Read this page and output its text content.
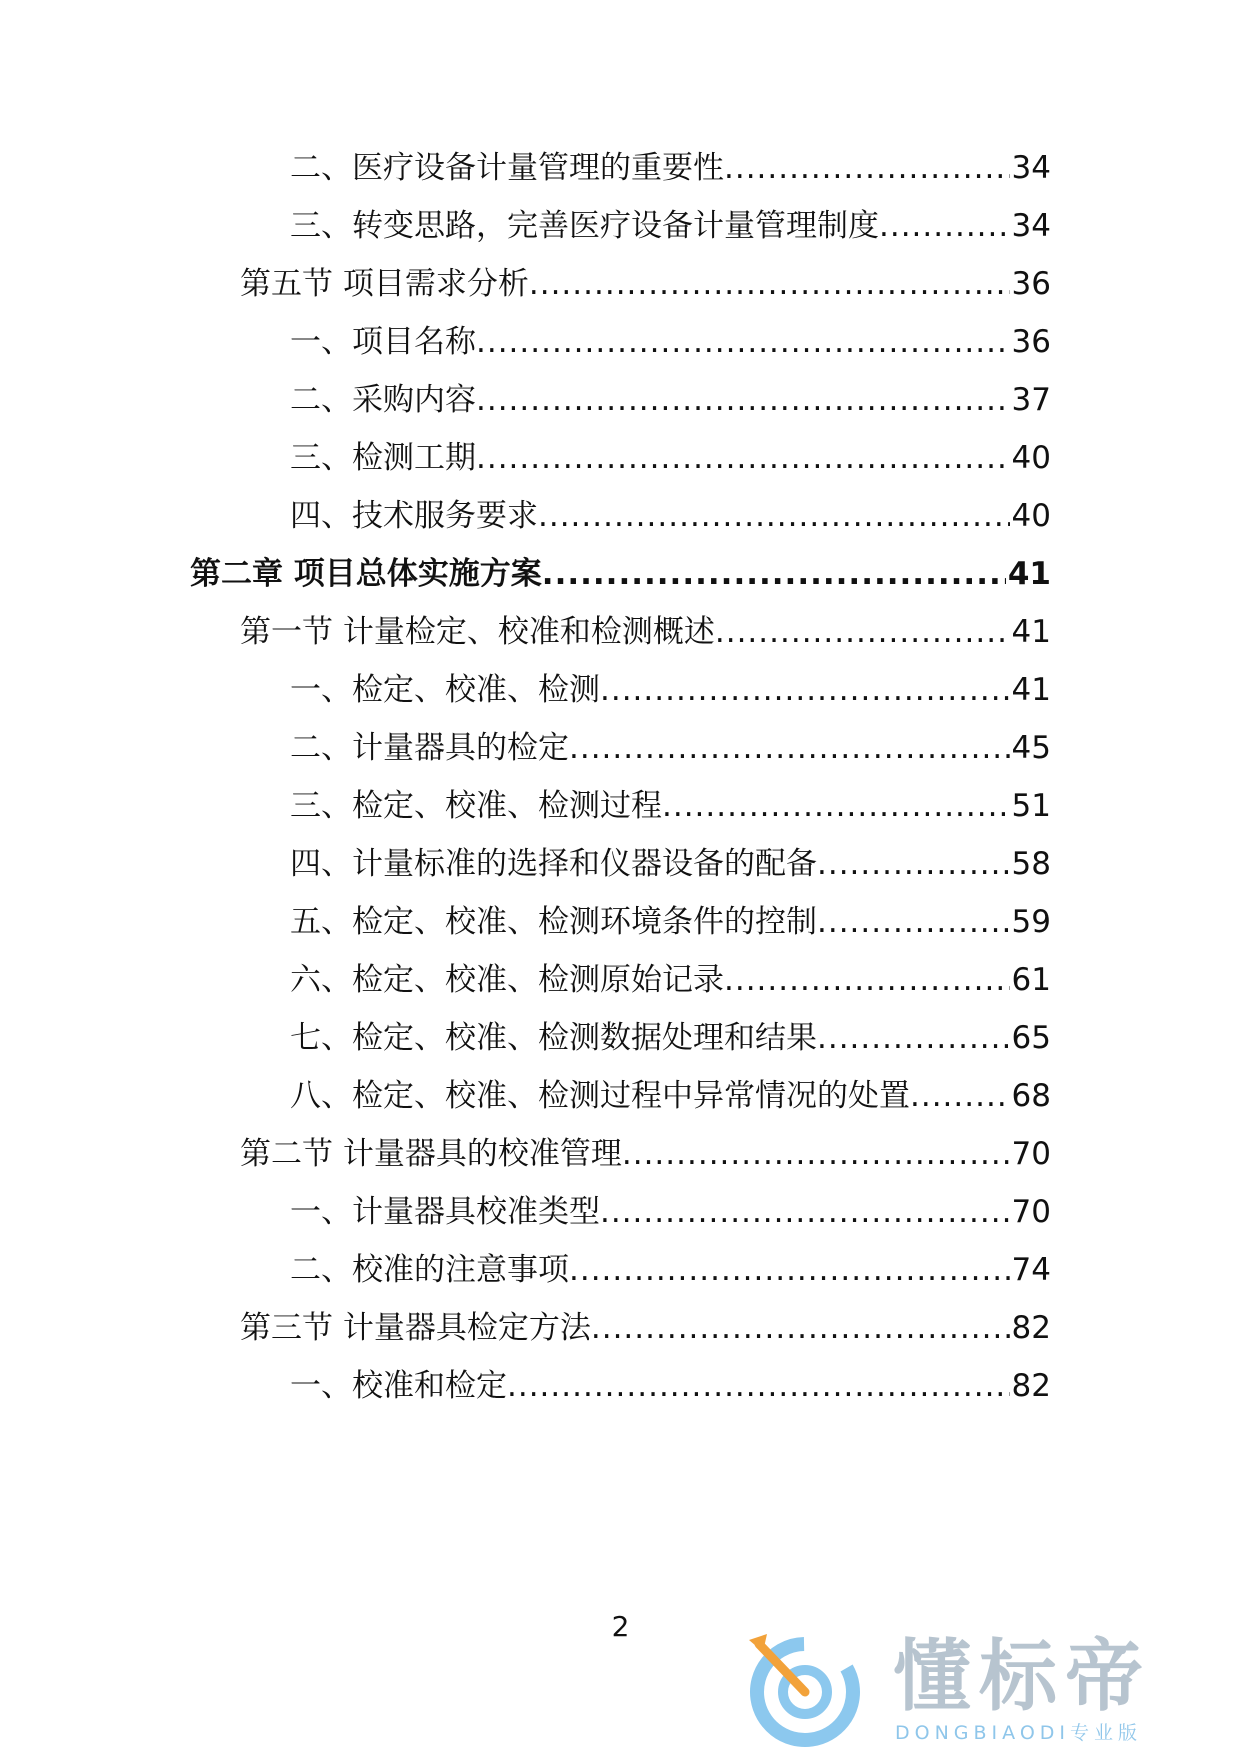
二、医疗设备计量管理的重要性 .....	34
三、转变思路，完善医疗设备计量管理制度 .....	34
第五节 项目需求分析 .....	36
一、项目名称 .....	36
二、采购内容 .....	37
三、检测工期 .....	40
四、技术服务要求 .....	40
第二章 项目总体实施方案 .....	41
第一节 计量检定、校准和检测概述 .....	41
一、检定、校准、检测 .....	41
二、计量器具的检定 .....	45
三、检定、校准、检测过程 .....	51
四、计量标准的选择和仪器设备的配备 .....	58
五、检定、校准、检测环境条件的控制 .....	59
六、检定、校准、检测原始记录 .....	61
七、检定、校准、检测数据处理和结果 .....	65
八、检定、校准、检测过程中异常情况的处置 .....	68
第二节 计量器具的校准管理 .....	70
一、计量器具校准类型 .....	70
二、校准的注意事项 .....	74
第三节 计量器具检定方法 .....	82
一、校准和检定 .....	82
2
懂标帝
DONGBIAODI专业版
